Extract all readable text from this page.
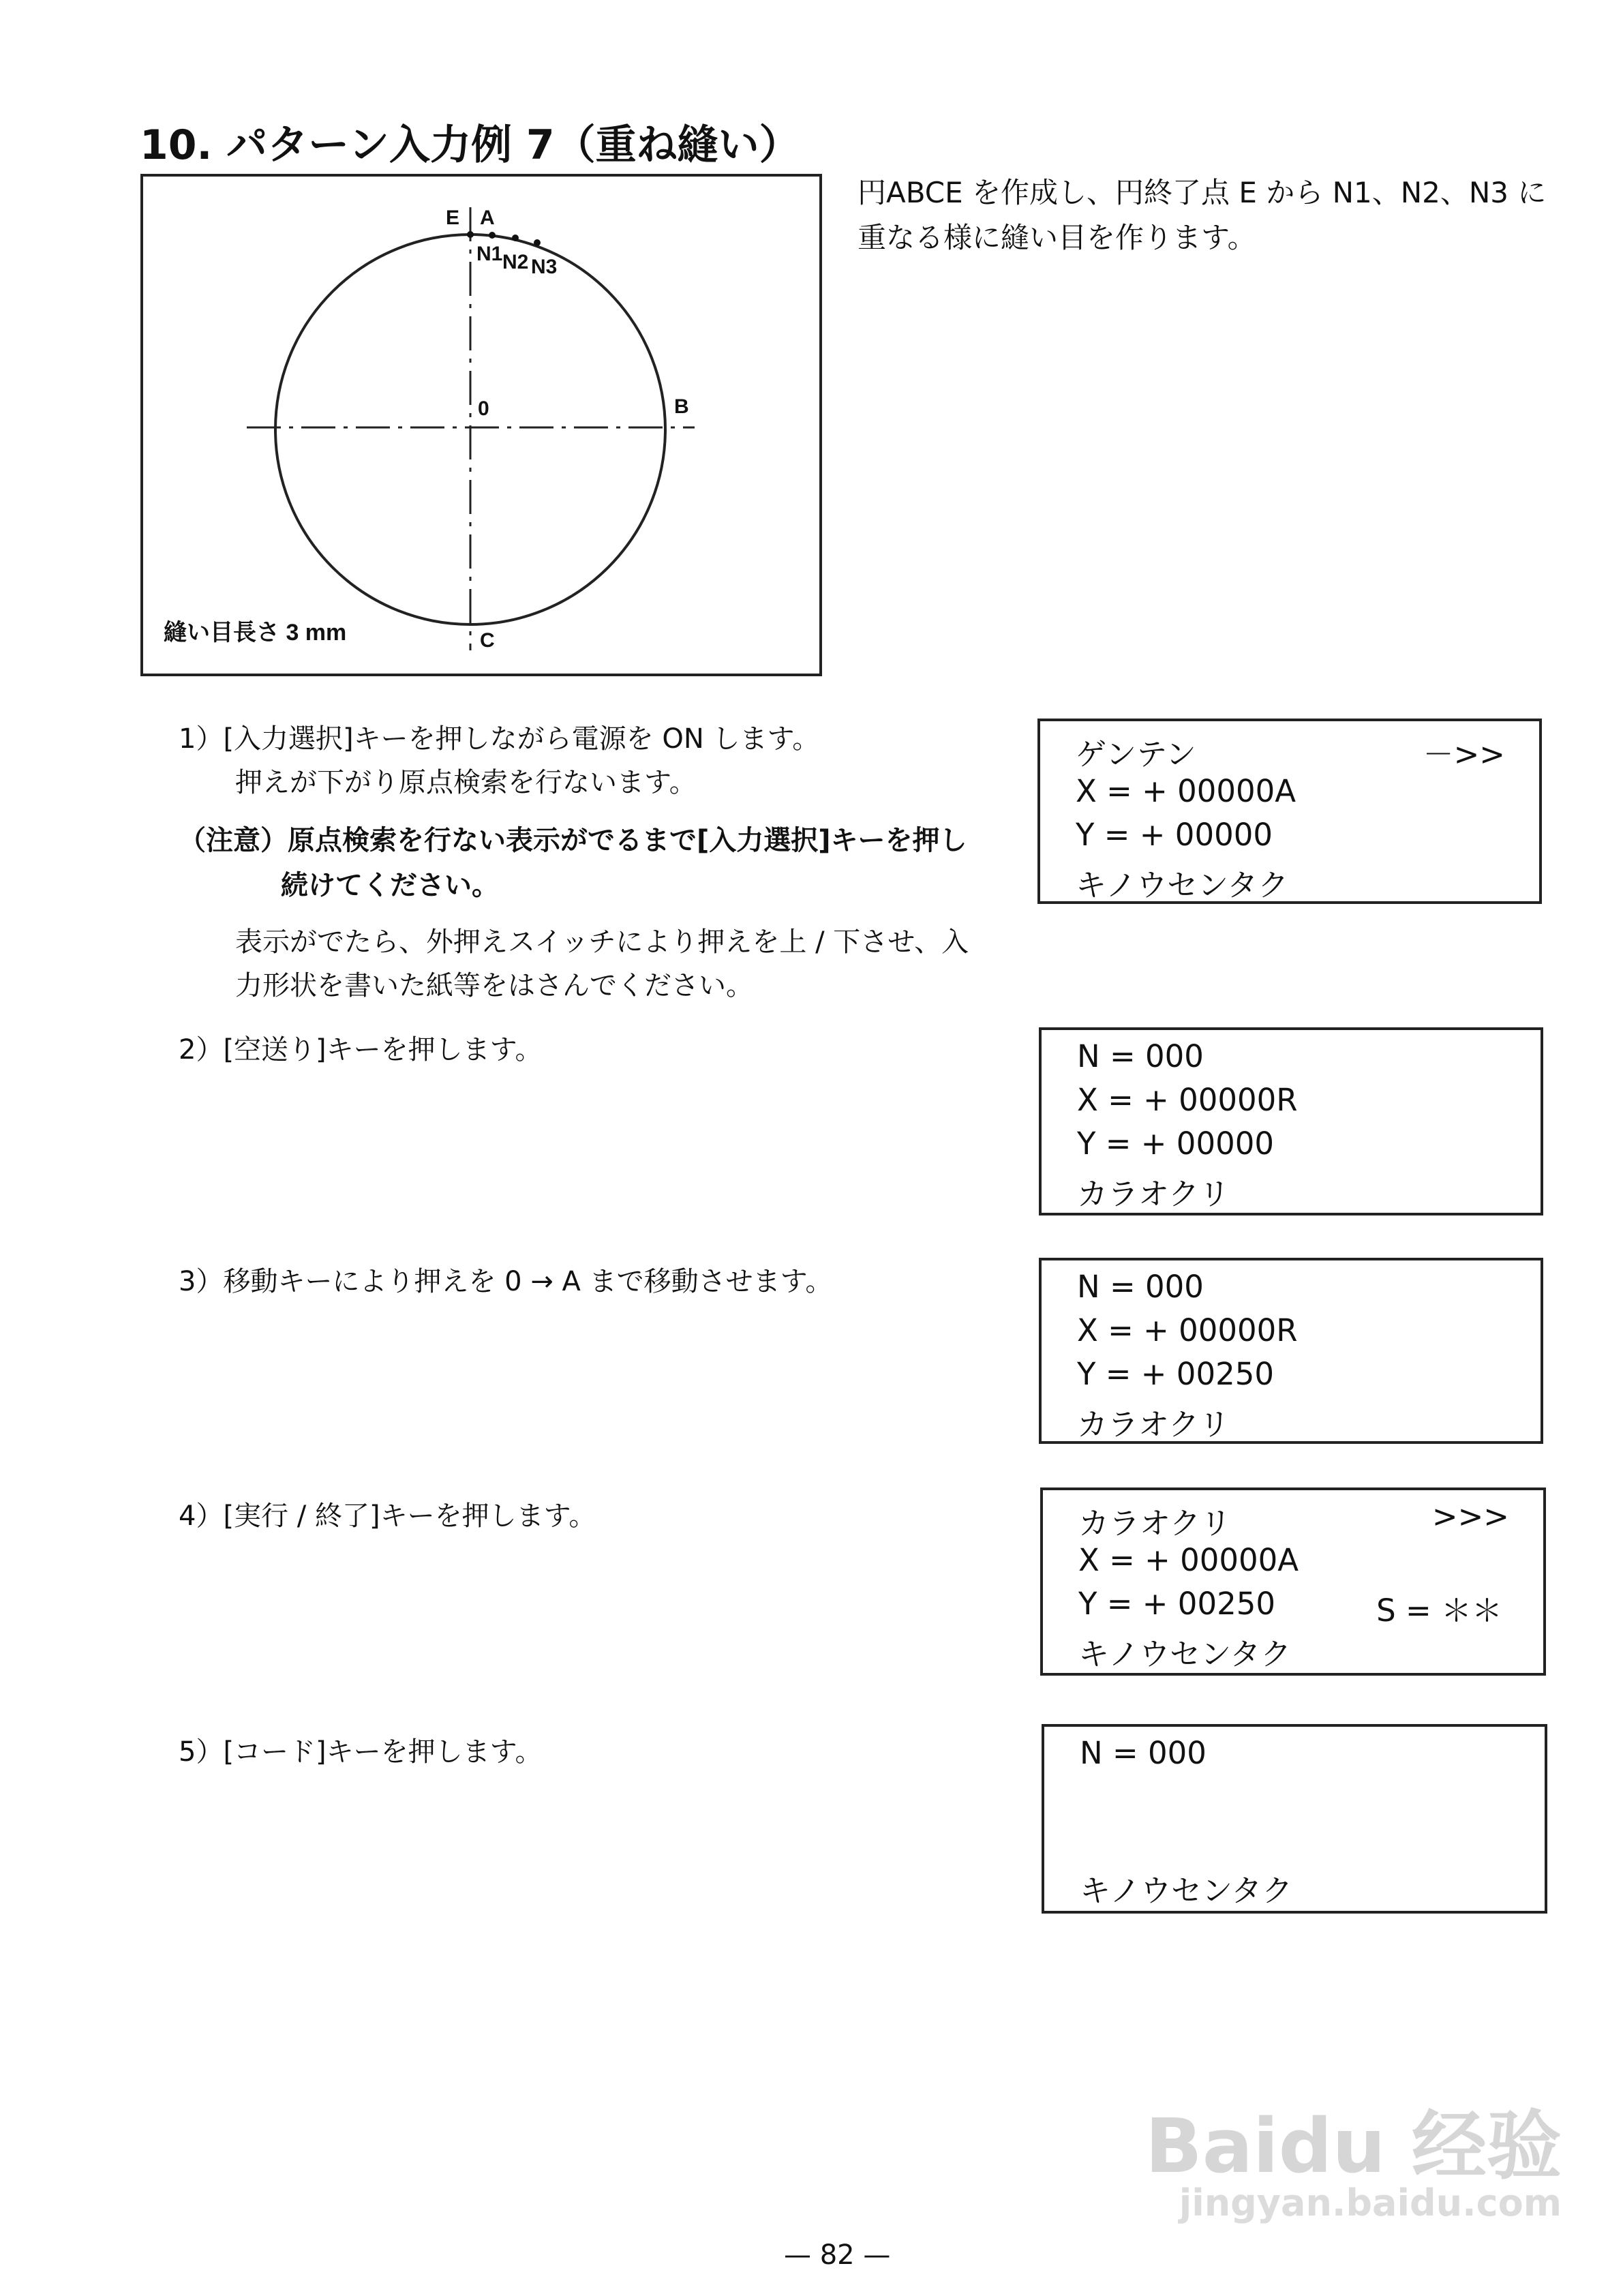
10. パターン入力例 7（重ね縫い）
E A
N1 N2 N3
0	B
C
縫い目長さ 3 mm
円ABCE を作成し、円終了点 E から N1、N2、N3 に
重なる様に縫い目を作ります。
1）[入力選択]キーを押しながら電源を ON します。
押えが下がり原点検索を行ないます。
（注意）原点検索を行ない表示がでるまで[入力選択]キーを押し
続けてください。
表示がでたら、外押えスイッチにより押えを上 / 下させ、入
力形状を書いた紙等をはさんでください。
2）[空送り]キーを押します。
3）移動キーにより押えを 0 → A まで移動させます。
4）[実行 / 終了]キーを押します。
5）[コード]キーを押します。
ゲンテン	－>>
X = + 00000A
Y = + 00000
キノウセンタク
N = 000
X = + 00000R
Y = + 00000
カラオクリ
N = 000
X = + 00000R
Y = + 00250
カラオクリ
カラオクリ	>>>
X = + 00000A
Y = + 00250	S = ＊＊
キノウセンタク
N = 000
キノウセンタク
Baidu 经验
jingyan.baidu.com
— 82 —
